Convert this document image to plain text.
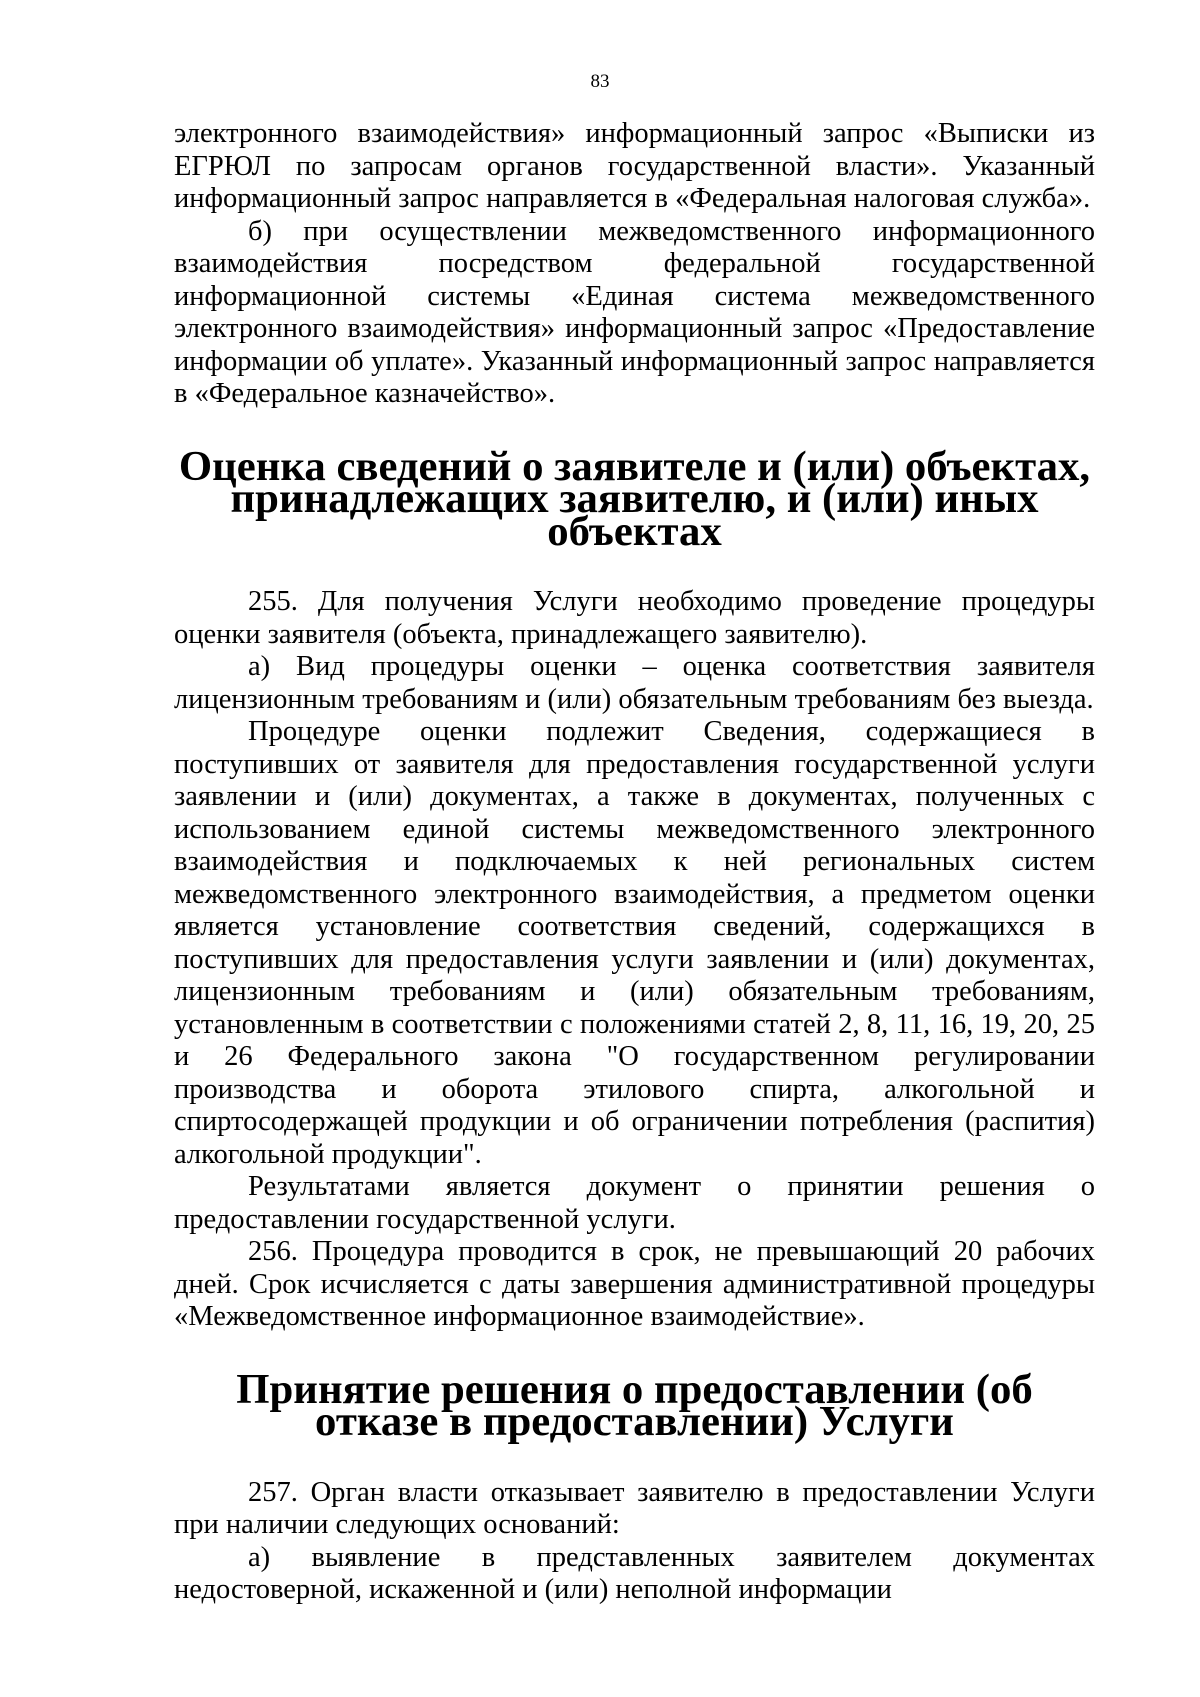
83

электронного взаимодействия» информационный запрос «Выписки из ЕГРЮЛ по запросам органов государственной власти». Указанный информационный запрос направляется в «Федеральная налоговая служба».

б) при осуществлении межведомственного информационного взаимодействия посредством федеральной государственной информационной системы «Единая система межведомственного электронного взаимодействия» информационный запрос «Предоставление информации об уплате». Указанный информационный запрос направляется в «Федеральное казначейство».

Оценка сведений о заявителе и (или) объектах, принадлежащих заявителю, и (или) иных объектах

255. Для получения Услуги необходимо проведение процедуры оценки заявителя (объекта, принадлежащего заявителю).

а) Вид процедуры оценки – оценка соответствия заявителя лицензионным требованиям и (или) обязательным требованиям без выезда.

Процедуре оценки подлежит Сведения, содержащиеся в поступивших от заявителя для предоставления государственной услуги заявлении и (или) документах, а также в документах, полученных с использованием единой системы межведомственного электронного взаимодействия и подключаемых к ней региональных систем межведомственного электронного взаимодействия, а предметом оценки является установление соответствия сведений, содержащихся в поступивших для предоставления услуги заявлении и (или) документах, лицензионным требованиям и (или) обязательным требованиям, установленным в соответствии с положениями статей 2, 8, 11, 16, 19, 20, 25 и 26 Федерального закона "О государственном регулировании производства и оборота этилового спирта, алкогольной и спиртосодержащей продукции и об ограничении потребления (распития) алкогольной продукции".

Результатами является документ о принятии решения о предоставлении государственной услуги.

256. Процедура проводится в срок, не превышающий 20 рабочих дней. Срок исчисляется с даты завершения административной процедуры «Межведомственное информационное взаимодействие».

Принятие решения о предоставлении (об отказе в предоставлении) Услуги

257. Орган власти отказывает заявителю в предоставлении Услуги при наличии следующих оснований:

а) выявление в представленных заявителем документах недостоверной, искаженной и (или) неполной информации
